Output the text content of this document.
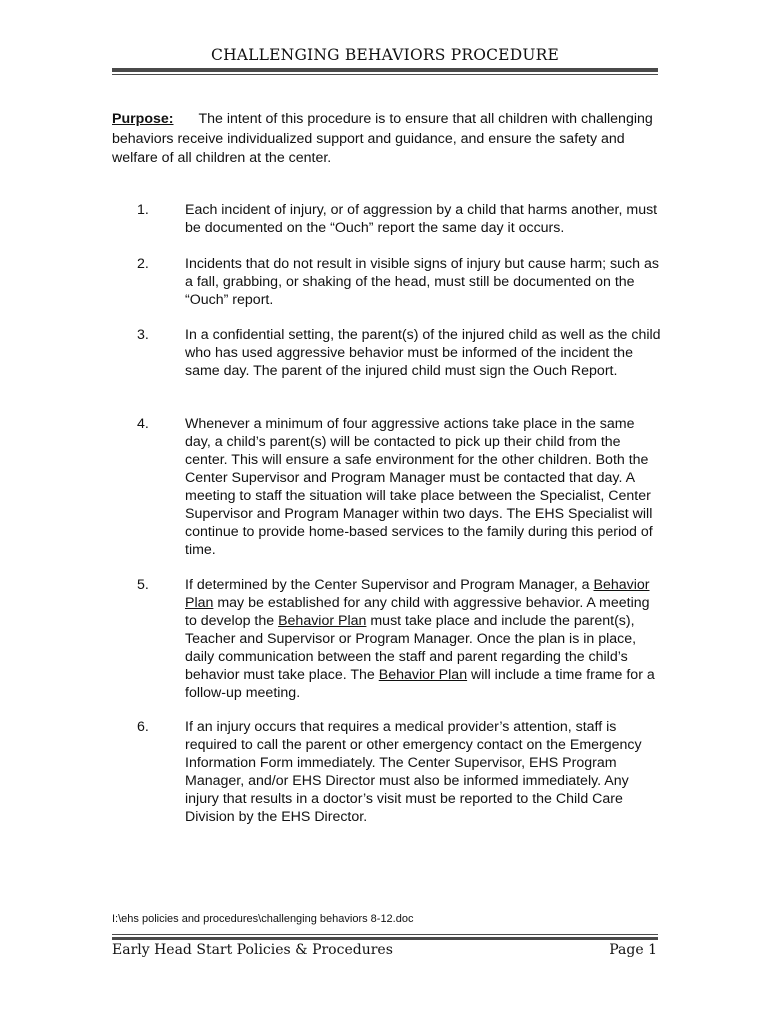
CHALLENGING BEHAVIORS PROCEDURE
Purpose: The intent of this procedure is to ensure that all children with challenging behaviors receive individualized support and guidance, and ensure the safety and welfare of all children at the center.
1.	Each incident of injury, or of aggression by a child that harms another, must be documented on the “Ouch” report the same day it occurs.
2.	Incidents that do not result in visible signs of injury but cause harm; such as a fall, grabbing, or shaking of the head, must still be documented on the “Ouch” report.
3.	In a confidential setting, the parent(s) of the injured child as well as the child who has used aggressive behavior must be informed of the incident the same day. The parent of the injured child must sign the Ouch Report.
4.	Whenever a minimum of four aggressive actions take place in the same day, a child’s parent(s) will be contacted to pick up their child from the center. This will ensure a safe environment for the other children. Both the Center Supervisor and Program Manager must be contacted that day. A meeting to staff the situation will take place between the Specialist, Center Supervisor and Program Manager within two days. The EHS Specialist will continue to provide home-based services to the family during this period of time.
5.	If determined by the Center Supervisor and Program Manager, a Behavior Plan may be established for any child with aggressive behavior. A meeting to develop the Behavior Plan must take place and include the parent(s), Teacher and Supervisor or Program Manager. Once the plan is in place, daily communication between the staff and parent regarding the child’s behavior must take place. The Behavior Plan will include a time frame for a follow-up meeting.
6.	If an injury occurs that requires a medical provider’s attention, staff is required to call the parent or other emergency contact on the Emergency Information Form immediately. The Center Supervisor, EHS Program Manager, and/or EHS Director must also be informed immediately. Any injury that results in a doctor’s visit must be reported to the Child Care Division by the EHS Director.
I:\ehs policies and procedures\challenging behaviors 8-12.doc
Early Head Start Policies & Procedures	Page 1
